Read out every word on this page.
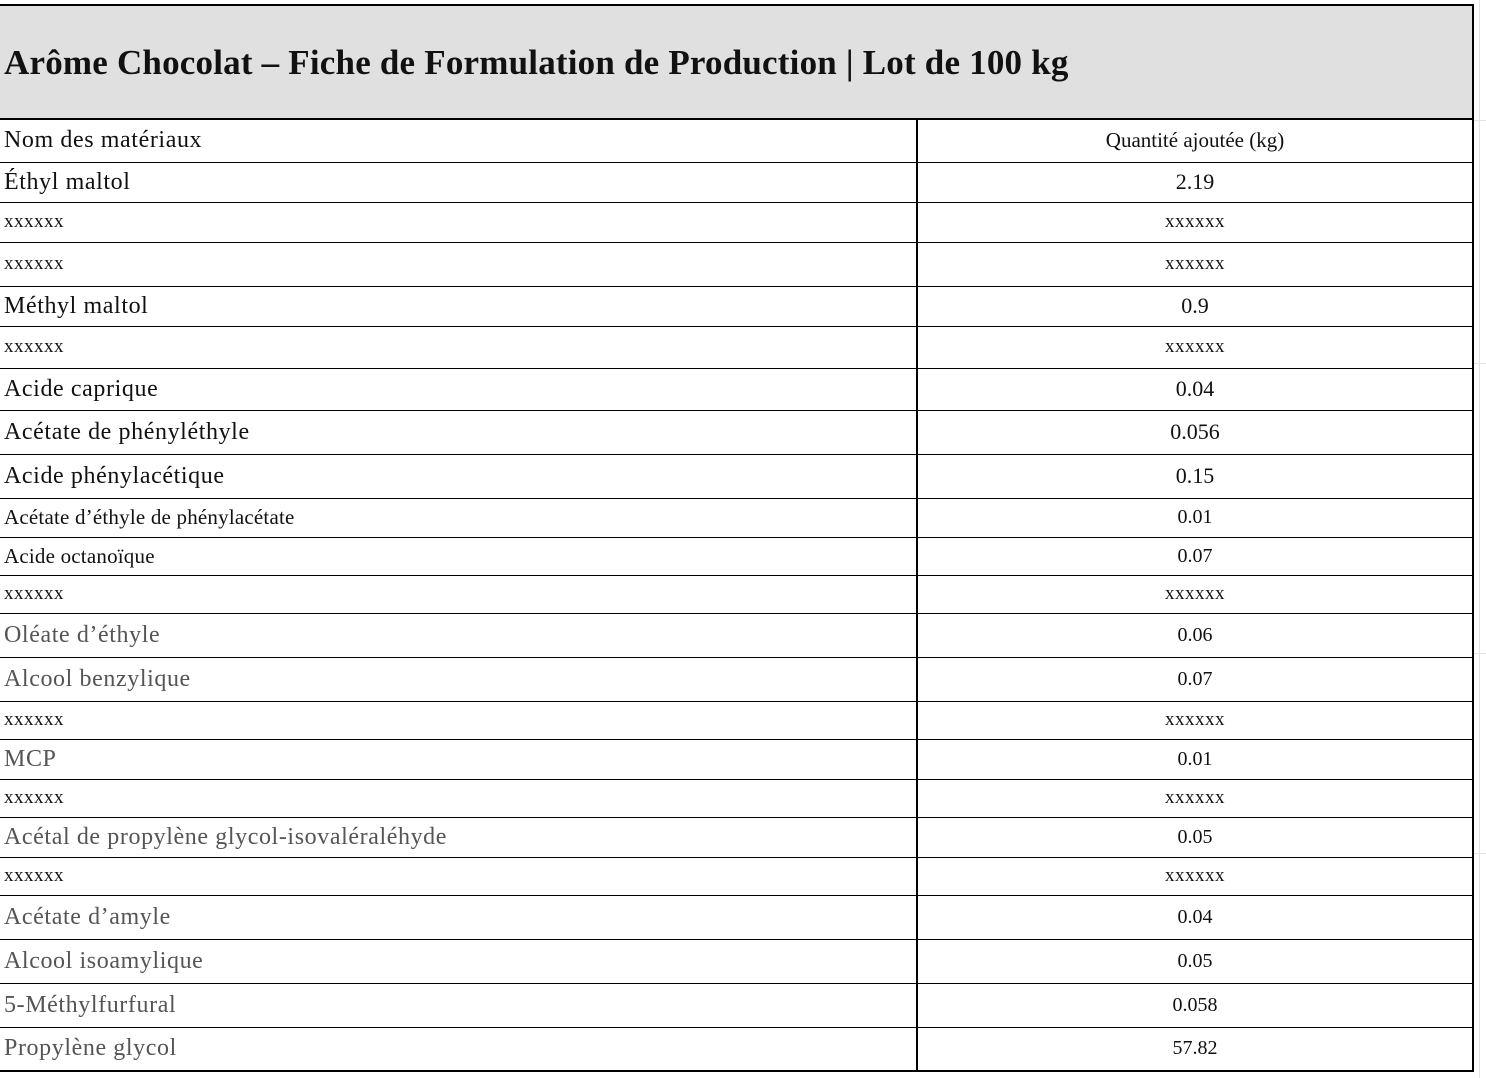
Arôme Chocolat – Fiche de Formulation de Production | Lot de 100 kg
Nom des matériaux	Quantité ajoutée (kg)
Éthyl maltol	2.19
xxxxxx	xxxxxx
xxxxxx	xxxxxx
Méthyl maltol	0.9
xxxxxx	xxxxxx
Acide caprique	0.04
Acétate de phényléthyle	0.056
Acide phénylacétique	0.15
Acétate d’éthyle de phénylacétate	0.01
Acide octanoïque	0.07
xxxxxx	xxxxxx
Oléate d’éthyle	0.06
Alcool benzylique	0.07
xxxxxx	xxxxxx
MCP	0.01
xxxxxx	xxxxxx
Acétal de propylène glycol-isovaléraléhyde	0.05
xxxxxx	xxxxxx
Acétate d’amyle	0.04
Alcool isoamylique	0.05
5-Méthylfurfural	0.058
Propylène glycol	57.82
